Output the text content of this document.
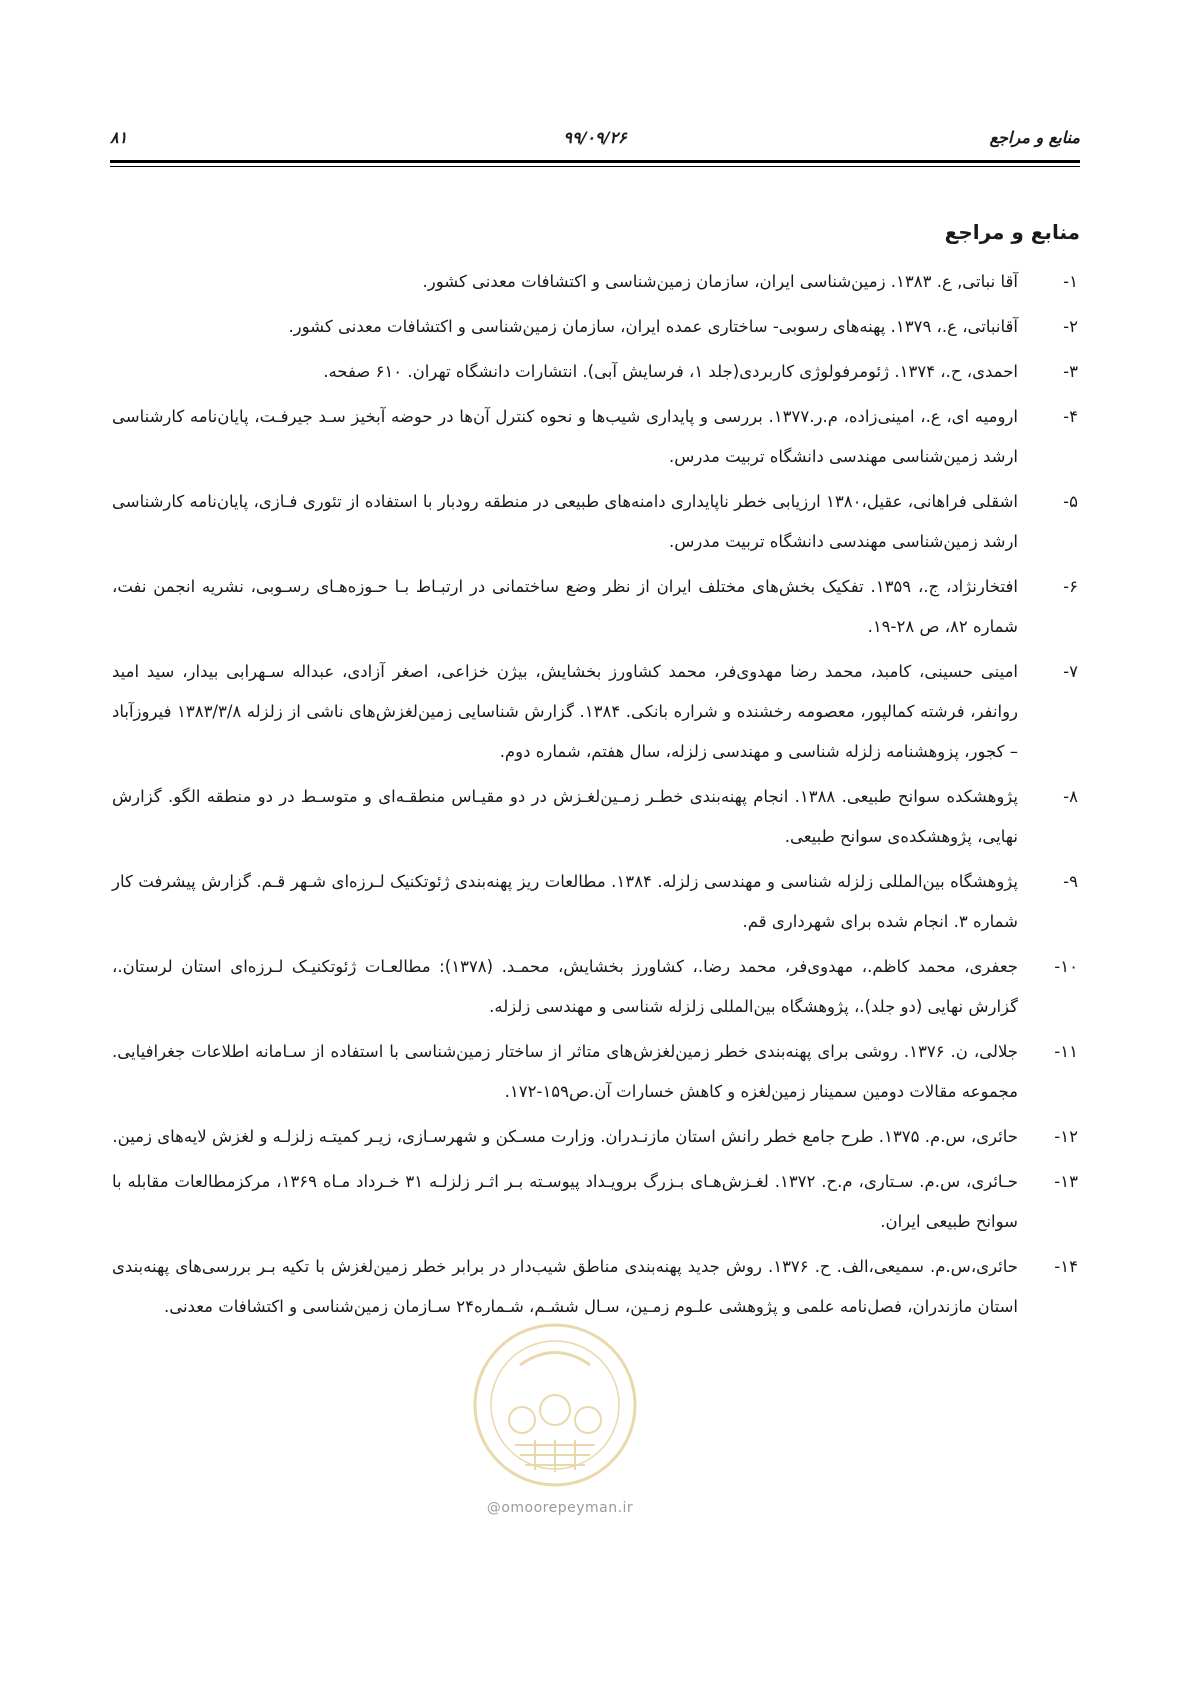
منابع و مراجع
۹۹/۰۹/۲۶
۸۱
منابع و مراجع
۱-
آقا نباتی, ع. ۱۳۸۳. زمین‌شناسی ایران، سازمان زمین‌شناسی و اکتشافات معدنی کشور.
۲-
آقانباتی، ع.، ۱۳۷۹. پهنه‌های رسوبی- ساختاری عمده ایران، سازمان زمین‌شناسی و اکتشافات معدنی کشور.
۳-
احمدی، ح.، ۱۳۷۴. ژئومرفولوژی کاربردی(جلد ۱، فرسایش آبی). انتشارات دانشگاه تهران. ۶۱۰ صفحه.
۴-
ارومیه ای، ع.، امینی‌زاده، م.ر.۱۳۷۷. بررسی و پایداری شیب‌ها و نحوه کنترل آن‌ها در حوضه آبخیز سـد جیرفـت، پایان‌نامه کارشناسی ارشد زمین‌شناسی مهندسی دانشگاه تربیت مدرس.
۵-
اشقلی فراهانی، عقیل،۱۳۸۰ ارزیابی خطر ناپایداری دامنه‌های طبیعی در منطقه رودبار با استفاده از تئوری فـازی، پایان‌نامه کارشناسی ارشد زمین‌شناسی مهندسی دانشگاه تربیت مدرس.
۶-
افتخارنژاد، ج.، ۱۳۵۹. تفکیک بخش‌های مختلف ایران از نظر وضع ساختمانی در ارتبـاط بـا حـوزه‌هـای رسـوبی، نشریه انجمن نفت، شماره ۸۲، ص ۲۸-۱۹.
۷-
امینی حسینی، کامبد، محمد رضا مهدوی‌فر، محمد کشاورز بخشایش، بیژن خزاعی، اصغر آزادی، عبداله سـهرابی بیدار، سید امید روانفر، فرشته کمالپور، معصومه رخشنده و شراره بانکی. ۱۳۸۴. گزارش شناسایی زمین‌لغزش‌های ناشی از زلزله ۱۳۸۳/۳/۸ فیروزآباد – کجور، پزوهشنامه زلزله شناسی و مهندسی زلزله، سال هفتم، شماره دوم.
۸-
پژوهشکده سوانح طبیعی. ۱۳۸۸. انجام پهنه‌بندی خطـر زمـین‌لغـزش در دو مقیـاس منطقـه‌ای و متوسـط در دو منطقه الگو. گزارش نهایی، پژوهشکده‌ی سوانح طبیعی.
۹-
پژوهشگاه بین‌المللی زلزله شناسی و مهندسی زلزله. ۱۳۸۴. مطالعات ریز پهنه‌بندی ژئوتکنیک لـرزه‌ای شـهر قـم. گزارش پیشرفت کار شماره ۳. انجام شده برای شهرداری قم.
۱۰-
جعفری، محمد کاظم.، مهدوی‌فر، محمد رضا.، کشاورز بخشایش، محمـد. (۱۳۷۸): مطالعـات ژئوتکنیـک لـرزه‌ای استان لرستان.، گزارش نهایی (دو جلد).، پژوهشگاه بین‌المللی زلزله شناسی و مهندسی زلزله.
۱۱-
جلالی، ن. ۱۳۷۶. روشی برای پهنه‌بندی خطر زمین‌لغزش‌های متاثر از ساختار زمین‌شناسی با استفاده از سـامانه اطلاعات جغرافیایی. مجموعه مقالات دومین سمینار زمین‌لغزه و کاهش خسارات آن.ص۱۵۹-۱۷۲.
۱۲-
حائری، س.م. ۱۳۷۵. طرح جامع خطر رانش استان مازنـدران. وزارت مسـکن و شهرسـازی، زیـر کمیتـه زلزلـه و لغزش لایه‌های زمین.
۱۳-
حـائری، س.م. سـتاری، م.ح. ۱۳۷۲. لغـزش‌هـای بـزرگ برویـداد پیوسـته بـر اثـر زلزلـه ۳۱ خـرداد مـاه ۱۳۶۹، مرکزمطالعات مقابله با سوانح طبیعی ایران.
۱۴-
حائری،س.م. سمیعی،الف. ح. ۱۳۷۶. روش جدید پهنه‌بندی مناطق شیب‌دار در برابر خطر زمین‌لغزش با تکیه بـر بررسی‌های پهنه‌بندی استان مازندران، فصل‌نامه علمی و پژوهشی علـوم زمـین، سـال ششـم، شـماره۲۴ سـازمان زمین‌شناسی و اکتشافات معدنی.
@omoorepeyman.ir
